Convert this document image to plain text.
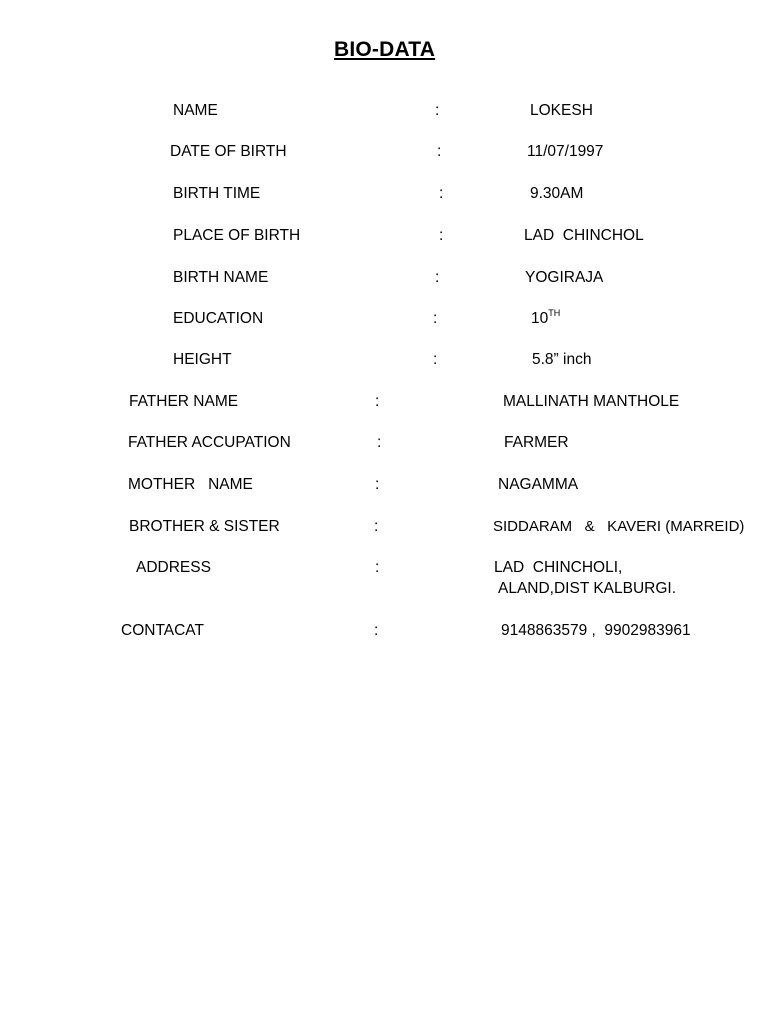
BIO-DATA
NAME	:	LOKESH
DATE OF BIRTH	:	11/07/1997
BIRTH TIME	:	9.30AM
PLACE OF BIRTH	:	LAD  CHINCHOL
BIRTH NAME	:	YOGIRAJA
EDUCATION	:	10TH
HEIGHT	:	5.8” inch
FATHER NAME	:	MALLINATH MANTHOLE
FATHER ACCUPATION	:	FARMER
MOTHER   NAME	:	NAGAMMA
BROTHER & SISTER	:	SIDDARAM   &   KAVERI (MARREID)
ADDRESS	:	LAD  CHINCHOLI,
ALAND,DIST KALBURGI.
CONTACAT	:	9148863579 ,  9902983961
